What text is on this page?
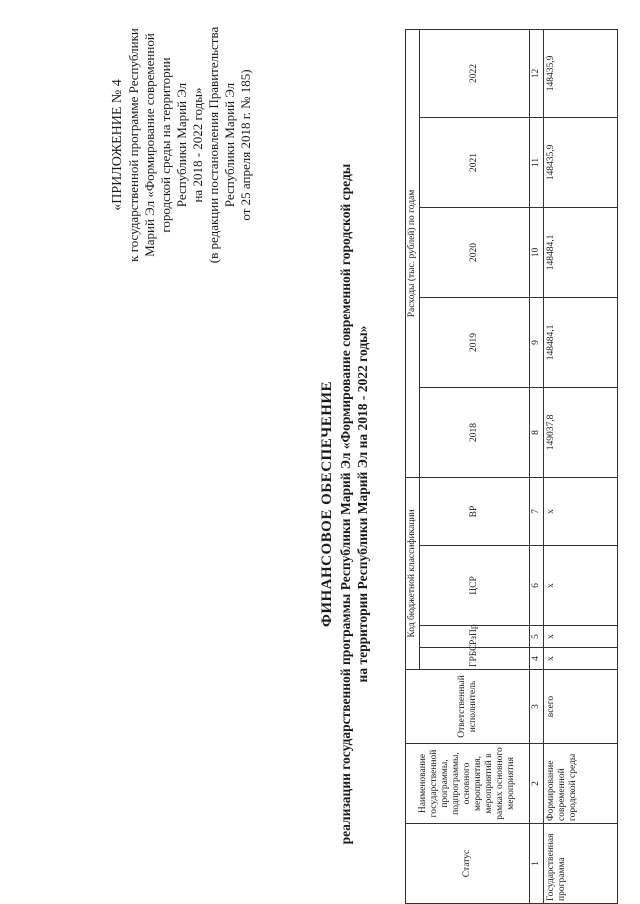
«ПРИЛОЖЕНИЕ № 4 к государственной программе Республики Марий Эл «Формирование современной городской среды на территории Республики Марий Эл на 2018 - 2022 годы» (в редакции постановления Правительства Республики Марий Эл от 25 апреля 2018 г. № 185)
ФИНАНСОВОЕ ОБЕСПЕЧЕНИЕ реализации государственной программы Республики Марий Эл «Формирование современной городской среды на территории Республики Марий Эл на 2018 - 2022 годы»
Статус	Наименование государственной программы, подпрограммы, основного мероприятия, мероприятий в рамках основного мероприятия	Ответственный исполнитель	Код бюджетной классификации				Расходы (тыс. рублей) по годам				
			ГРБС	РзПр	ЦСР	ВР	2018	2019	2020	2021	2022
1	2	3	4	5	6	7	8	9	10	11	12
Государственная программа	Формирование современной городской среды	всего	х	х	х	х	149037,8	148484,1	148484,1	148435,9	148435,9
